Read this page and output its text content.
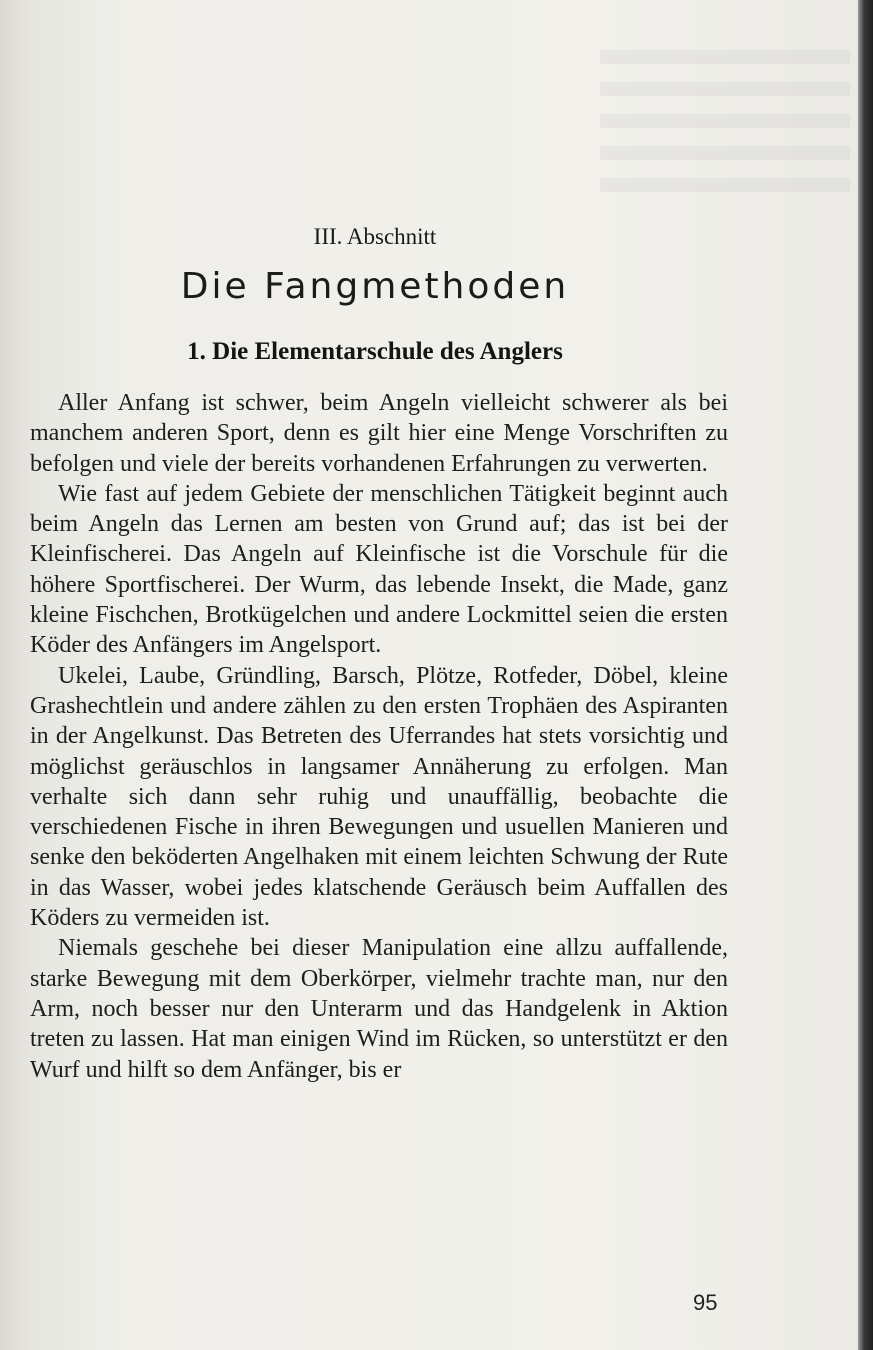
III. Abschnitt
Die Fangmethoden
1. Die Elementarschule des Anglers

Aller Anfang ist schwer, beim Angeln vielleicht schwerer als bei manchem anderen Sport, denn es gilt hier eine Menge Vorschriften zu befolgen und viele der bereits vorhandenen Erfahrungen zu verwerten.

Wie fast auf jedem Gebiete der menschlichen Tätigkeit beginnt auch beim Angeln das Lernen am besten von Grund auf; das ist bei der Kleinfischerei. Das Angeln auf Kleinfische ist die Vorschule für die höhere Sportfischerei. Der Wurm, das lebende Insekt, die Made, ganz kleine Fischchen, Brotkügelchen und andere Lockmittel seien die ersten Köder des Anfängers im Angelsport.

Ukelei, Laube, Gründling, Barsch, Plötze, Rotfeder, Döbel, kleine Grashechtlein und andere zählen zu den ersten Trophäen des Aspiranten in der Angelkunst. Das Betreten des Uferrandes hat stets vorsichtig und möglichst geräuschlos in langsamer Annäherung zu erfolgen. Man verhalte sich dann sehr ruhig und unauffällig, beobachte die verschiedenen Fische in ihren Bewegungen und usuellen Manieren und senke den beköderten Angelhaken mit einem leichten Schwung der Rute in das Wasser, wobei jedes klatschende Geräusch beim Auffallen des Köders zu vermeiden ist.

Niemals geschehe bei dieser Manipulation eine allzu auffallende, starke Bewegung mit dem Oberkörper, vielmehr trachte man, nur den Arm, noch besser nur den Unterarm und das Handgelenk in Aktion treten zu lassen. Hat man einigen Wind im Rücken, so unterstützt er den Wurf und hilft so dem Anfänger, bis er

95
